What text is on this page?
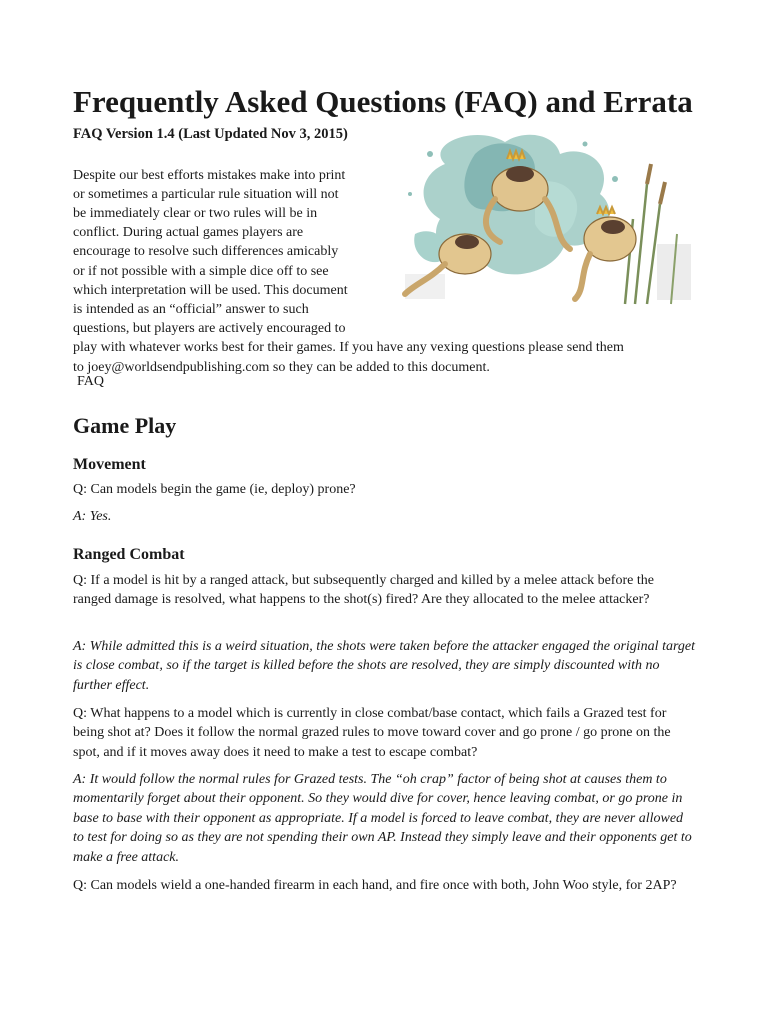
Frequently Asked Questions (FAQ) and Errata

FAQ Version 1.4 (Last Updated Nov 3, 2015)

Despite our best efforts mistakes make into print

or sometimes a particular rule situation will not

be immediately clear or two rules will be in

conflict. During actual games players are

encourage to resolve such differences amicably

or if not possible with a simple dice off to see

which interpretation will be used. This document

is intended as an “official” answer to such

questions, but players are actively encouraged to

play with whatever works best for their games. If you have any vexing questions please send them

to joey@worldsendpublishing.com so they can be added to this document.

FAQ

Game Play
Movement

Q: Can models begin the game (ie, deploy) prone?

A: Yes.

Ranged Combat

Q: If a model is hit by a ranged attack, but subsequently charged and killed by a melee attack before the ranged damage is resolved, what happens to the shot(s) fired? Are they allocated to the melee attacker?

A: While admitted this is a weird situation, the shots were taken before the attacker engaged the original target is close combat, so if the target is killed before the shots are resolved, they are simply discounted with no further effect.

Q: What happens to a model which is currently in close combat/base contact, which fails a Grazed test for being shot at? Does it follow the normal grazed rules to move toward cover and go prone / go prone on the spot, and if it moves away does it need to make a test to escape combat?

A: It would follow the normal rules for Grazed tests. The “oh crap” factor of being shot at causes them to momentarily forget about their opponent. So they would dive for cover, hence leaving combat, or go prone in base to base with their opponent as appropriate. If a model is forced to leave combat, they are never allowed to test for doing so as they are not spending their own AP. Instead they simply leave and their opponents get to make a free attack.

Q: Can models wield a one-handed firearm in each hand, and fire once with both, John Woo style, for 2AP?
